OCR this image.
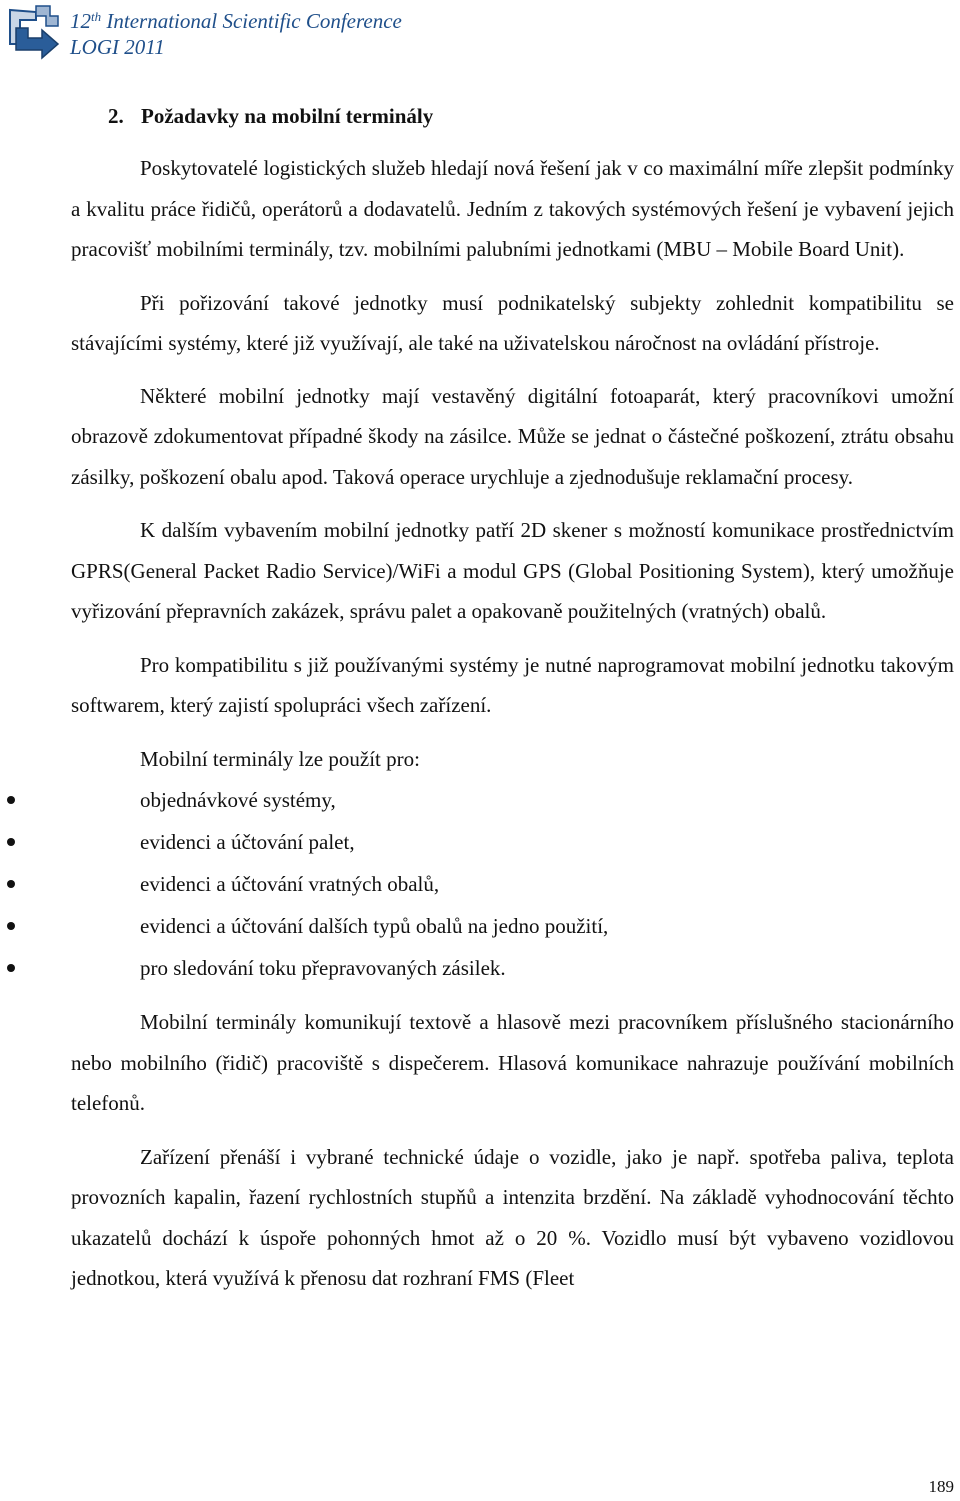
12th International Scientific Conference
LOGI 2011
2. Požadavky na mobilní terminály

Poskytovatelé logistických služeb hledají nová řešení jak v co maximální míře zlepšit podmínky a kvalitu práce řidičů, operátorů a dodavatelů. Jedním z takových systémových řešení je vybavení jejich pracovišť mobilními terminály, tzv. mobilními palubními jednotkami (MBU – Mobile Board Unit).

Při pořizování takové jednotky musí podnikatelský subjekty zohlednit kompatibilitu se stávajícími systémy, které již využívají, ale také na uživatelskou náročnost na ovládání přístroje.

Některé mobilní jednotky mají vestavěný digitální fotoaparát, který pracovníkovi umožní obrazově zdokumentovat případné škody na zásilce. Může se jednat o částečné poškození, ztrátu obsahu zásilky, poškození obalu apod. Taková operace urychluje a zjednodušuje reklamační procesy.

K dalším vybavením mobilní jednotky patří 2D skener s možností komunikace prostřednictvím GPRS(General Packet Radio Service)/WiFi a modul GPS (Global Positioning System), který umožňuje vyřizování přepravních zakázek, správu palet a opakovaně použitelných (vratných) obalů.

Pro kompatibilitu s již používanými systémy je nutné naprogramovat mobilní jednotku takovým softwarem, který zajistí spolupráci všech zařízení.

Mobilní terminály lze použít pro:

objednávkové systémy,
evidenci a účtování palet,
evidenci a účtování vratných obalů,
evidenci a účtování dalších typů obalů na jedno použití,
pro sledování toku přepravovaných zásilek.

Mobilní terminály komunikují textově a hlasově mezi pracovníkem příslušného stacionárního nebo mobilního (řidič) pracoviště s dispečerem. Hlasová komunikace nahrazuje používání mobilních telefonů.

Zařízení přenáší i vybrané technické údaje o vozidle, jako je např. spotřeba paliva, teplota provozních kapalin, řazení rychlostních stupňů a intenzita brzdění. Na základě vyhodnocování těchto ukazatelů dochází k úspoře pohonných hmot až o 20 %. Vozidlo musí být vybaveno vozidlovou jednotkou, která využívá k přenosu dat rozhraní FMS (Fleet

189
